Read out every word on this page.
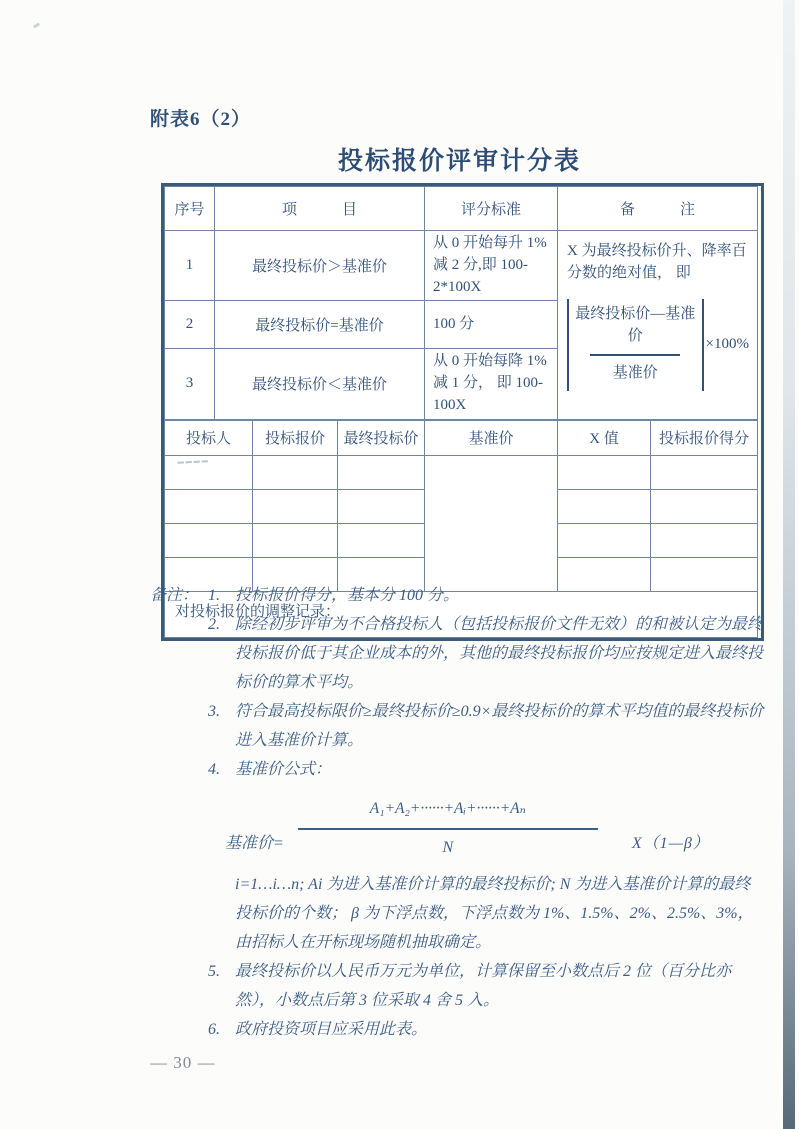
附表6（2）
投标报价评审计分表
序号	项　　　目	评分标准	备　　　注
1	最终投标价＞基准价	从 0 开始每升 1%减 2 分,即 100-2*100X	X 为最终投标价升、降率百分数的绝对值， 即
$\frac{\text{最终投标价—基准价}}{\text{基准价}} \times 100\%$

2	最终投标价=基准价	100 分	
3	最终投标价＜基准价	从 0 开始每降 1%减 1 分， 即 100-100X	
投标人	投标报价	最终投标价	基准价	X 值	投标报价得分

对投标报价的调整记录：					
备注： 1. 投标报价得分，基本分 100 分。
2. 除经初步评审为不合格投标人（包括投标报价文件无效）的和被认定为最终投标报价低于其企业成本的外，其他的最终投标报价均应按规定进入最终投标价的算术平均。
3. 符合最高投标限价≥最终投标价≥0.9×最终投标价的算术平均值的最终投标价进入基准价计算。
4. 基准价公式：
基准价= $\frac{\text{A₁+A₂+······+Aᵢ+······+Aₙ}}{N}$ X（1—β）
i=1…i…n; Ai 为进入基准价计算的最终投标价; N 为进入基准价计算的最终投标价的个数； β 为下浮点数，下浮点数为 1%、1.5%、2%、2.5%、3%，由招标人在开标现场随机抽取确定。
5. 最终投标价以人民币万元为单位，计算保留至小数点后 2 位（百分比亦然），小数点后第 3 位采取 4 舍 5 入。
6. 政府投资项目应采用此表。
— 30 —
